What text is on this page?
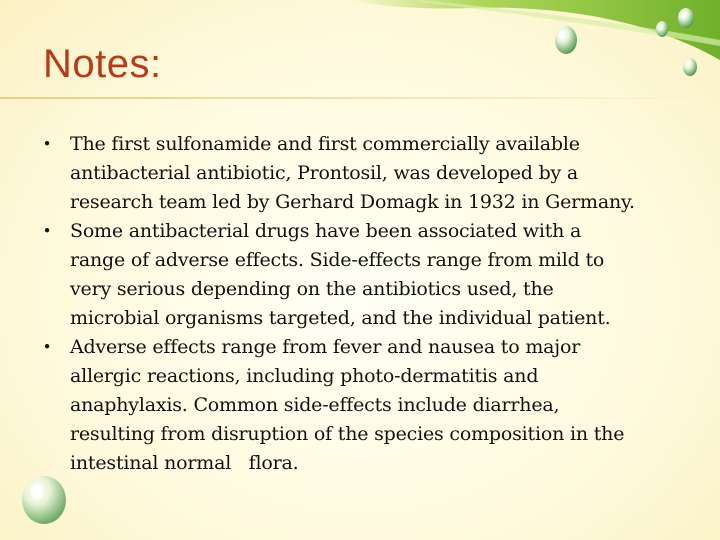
Notes:
• The first sulfonamide and first commercially available
antibacterial antibiotic, Prontosil, was developed by a
research team led by Gerhard Domagk in 1932 in Germany.
• Some antibacterial drugs have been associated with a
range of adverse effects. Side-effects range from mild to
very serious depending on the antibiotics used, the
microbial organisms targeted, and the individual patient.
• Adverse effects range from fever and nausea to major
allergic reactions, including photo-dermatitis and
anaphylaxis. Common side-effects include diarrhea,
resulting from disruption of the species composition in the
intestinal normal   flora.
